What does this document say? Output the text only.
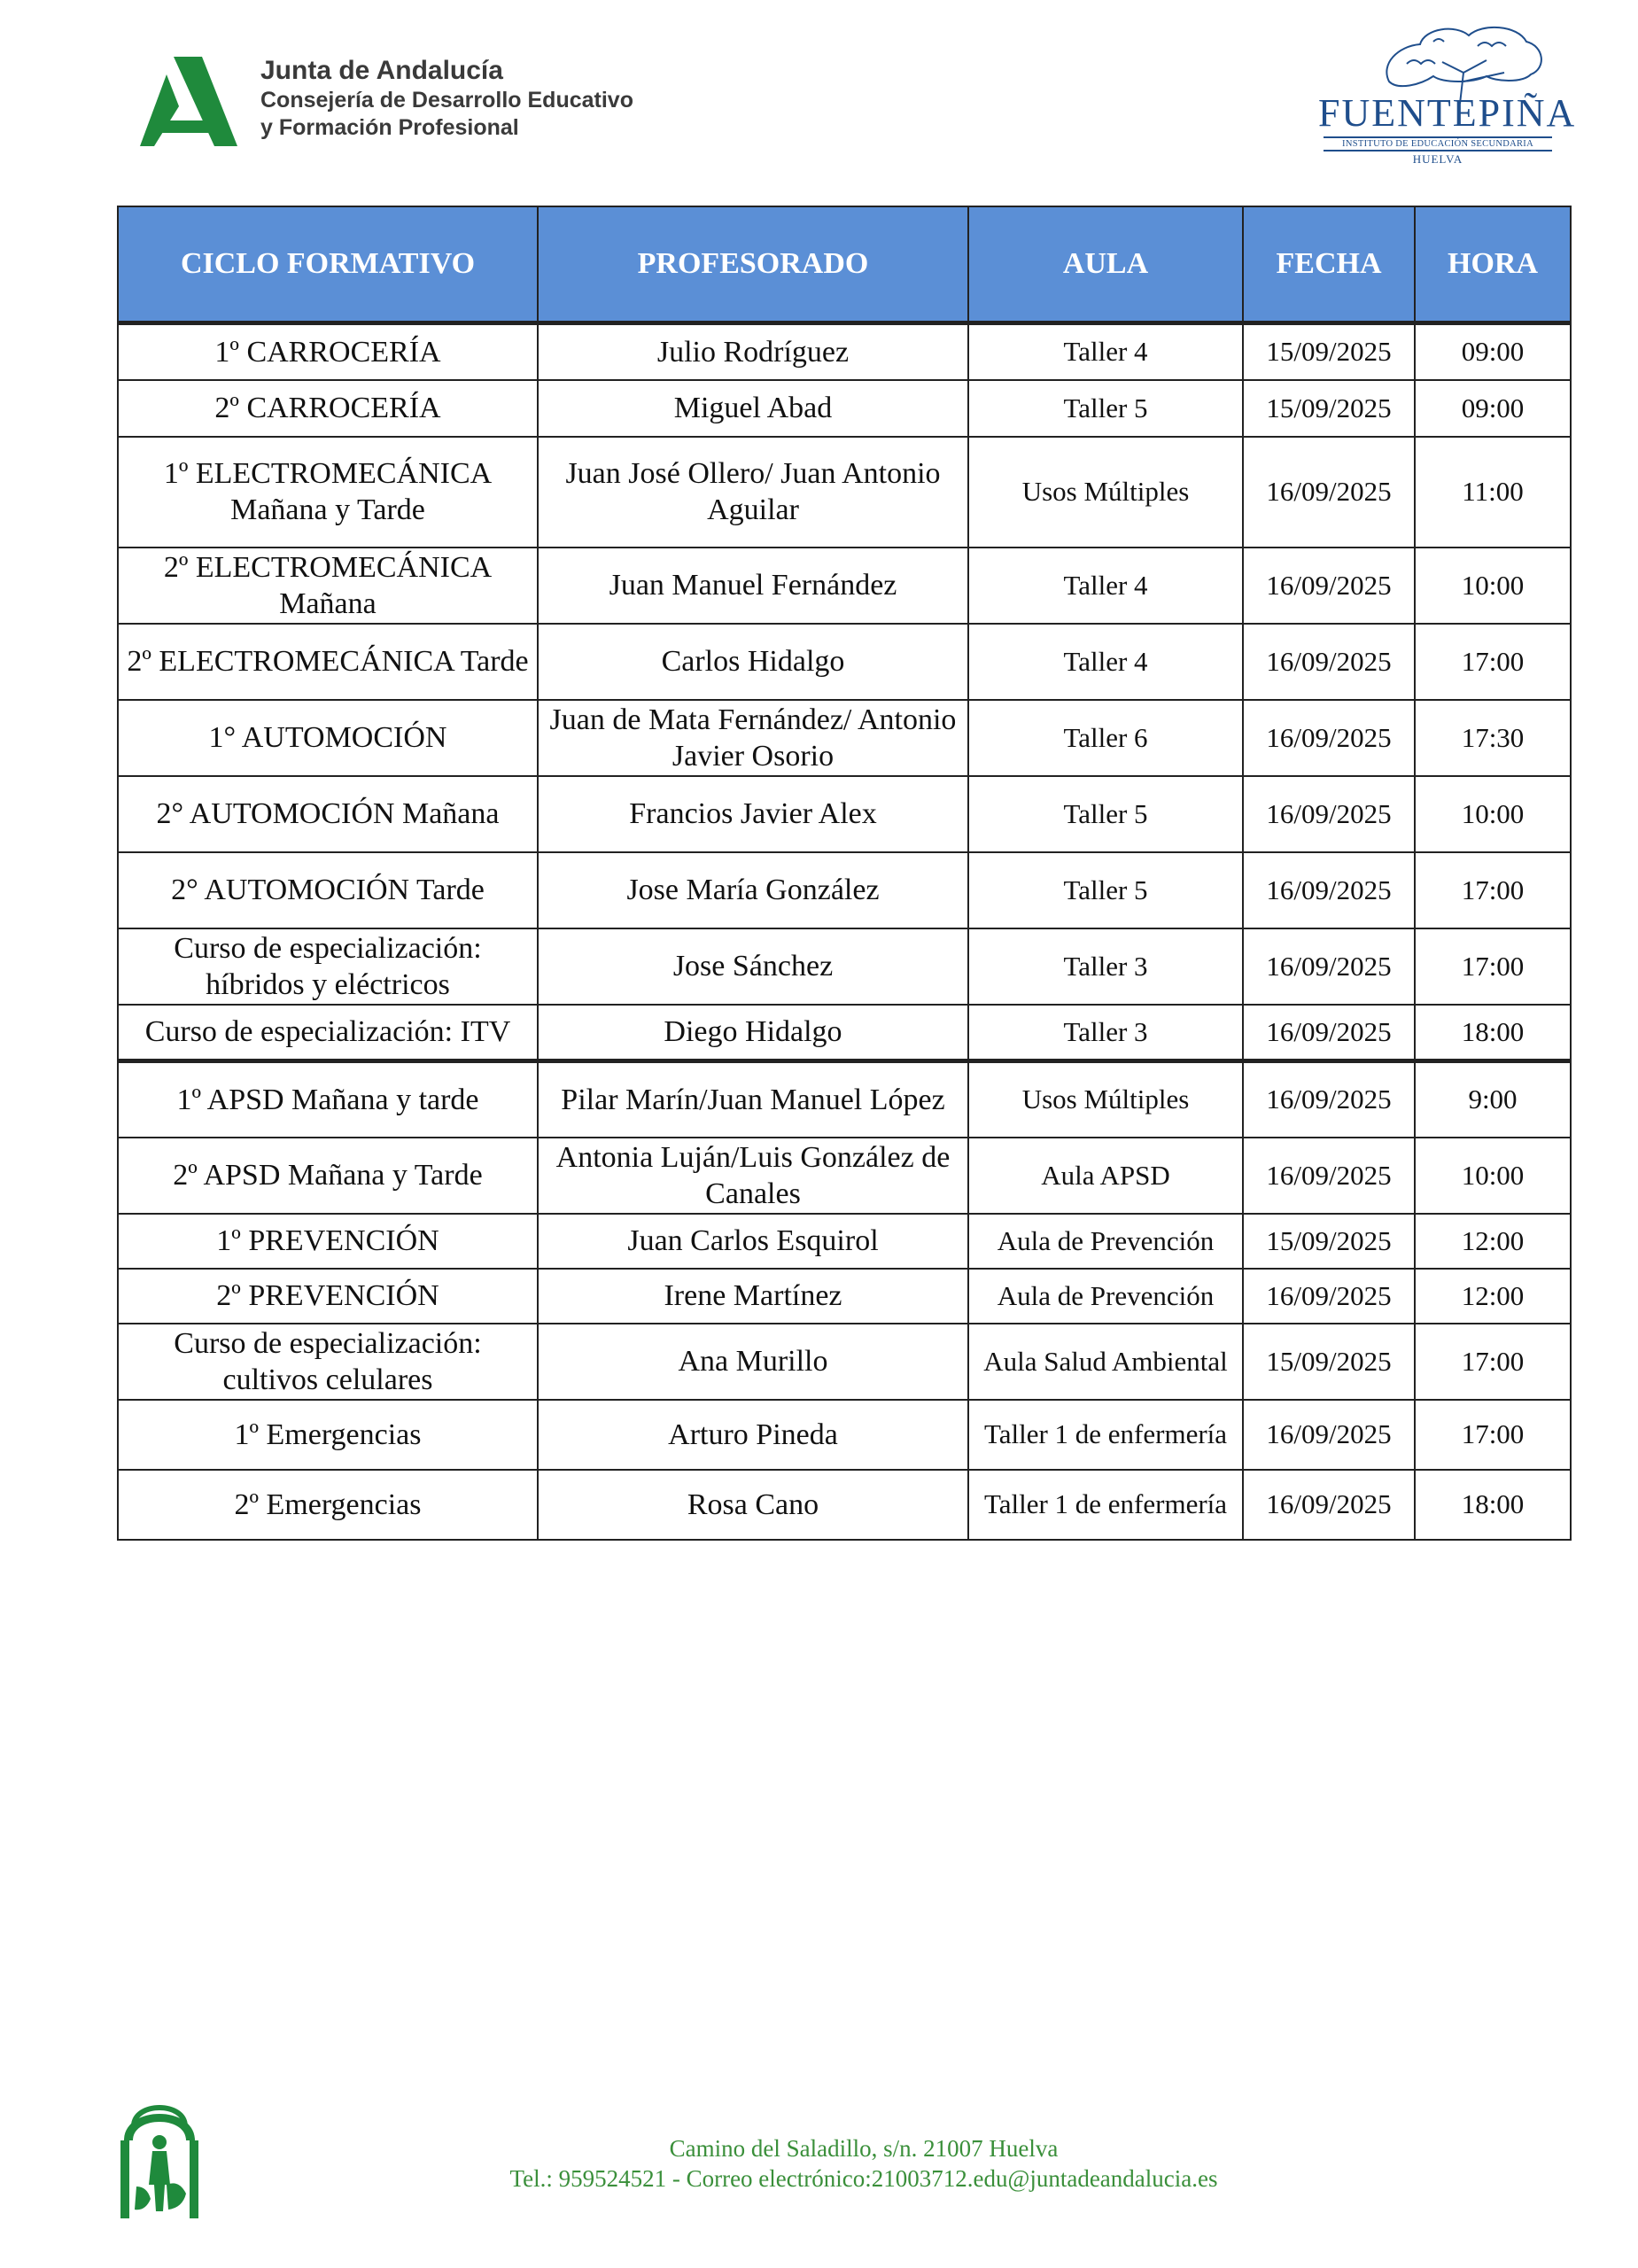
Junta de Andalucía
Consejería de Desarrollo Educativo
y Formación Profesional	FUENTEPIÑA
INSTITUTO DE EDUCACIÓN SECUNDARIA
HUELVA
CICLO FORMATIVO	PROFESORADO	AULA	FECHA	HORA
1º CARROCERÍA	Julio Rodríguez	Taller 4	15/09/2025	09:00
2º CARROCERÍA	Miguel Abad	Taller 5	15/09/2025	09:00
1º ELECTROMECÁNICA Mañana y Tarde	Juan José Ollero/ Juan Antonio Aguilar	Usos Múltiples	16/09/2025	11:00
2º ELECTROMECÁNICA Mañana	Juan Manuel Fernández	Taller 4	16/09/2025	10:00
2º ELECTROMECÁNICA Tarde	Carlos Hidalgo	Taller 4	16/09/2025	17:00
1° AUTOMOCIÓN	Juan de Mata Fernández/ Antonio Javier Osorio	Taller 6	16/09/2025	17:30
2° AUTOMOCIÓN Mañana	Francios Javier Alex	Taller 5	16/09/2025	10:00
2° AUTOMOCIÓN Tarde	Jose María González	Taller 5	16/09/2025	17:00
Curso de especialización: híbridos y eléctricos	Jose Sánchez	Taller 3	16/09/2025	17:00
Curso de especialización: ITV	Diego Hidalgo	Taller 3	16/09/2025	18:00
1º APSD Mañana y tarde	Pilar Marín/Juan Manuel López	Usos Múltiples	16/09/2025	9:00
2º APSD Mañana y Tarde	Antonia Luján/Luis González de Canales	Aula APSD	16/09/2025	10:00
1º PREVENCIÓN	Juan Carlos Esquirol	Aula de Prevención	15/09/2025	12:00
2º PREVENCIÓN	Irene Martínez	Aula de Prevención	16/09/2025	12:00
Curso de especialización: cultivos celulares	Ana Murillo	Aula Salud Ambiental	15/09/2025	17:00
1º Emergencias	Arturo Pineda	Taller 1 de enfermería	16/09/2025	17:00
2º Emergencias	Rosa Cano	Taller 1 de enfermería	16/09/2025	18:00
Camino del Saladillo, s/n. 21007 Huelva
Tel.: 959524521 - Correo electrónico:21003712.edu@juntadeandalucia.es
